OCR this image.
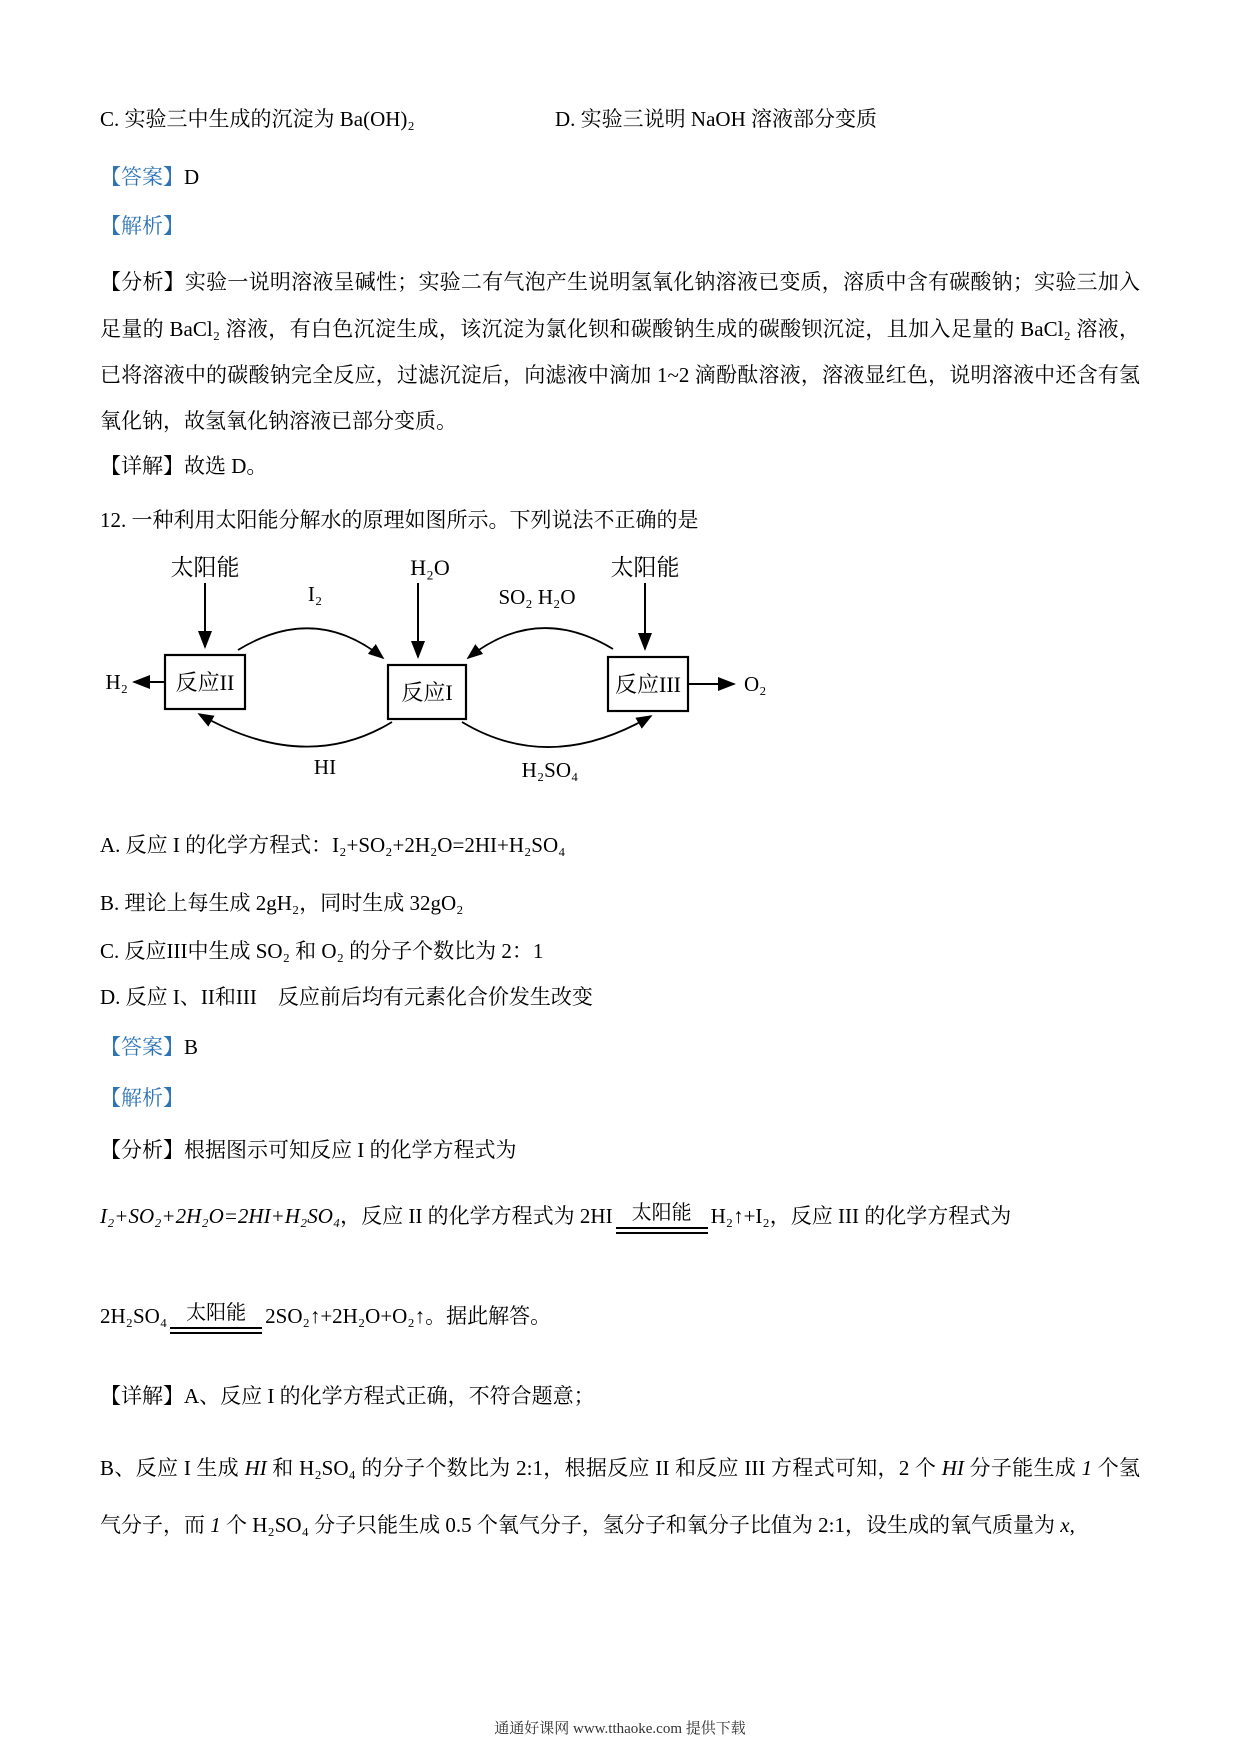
C. 实验三中生成的沉淀为 Ba(OH)₂	D. 实验三说明 NaOH 溶液部分变质

【答案】D

【解析】

【分析】实验一说明溶液呈碱性；实验二有气泡产生说明氢氧化钠溶液已变质，溶质中含有碳酸钠；实验三加入足量的 BaCl₂ 溶液，有白色沉淀生成，该沉淀为氯化钡和碳酸钠生成的碳酸钡沉淀，且加入足量的 BaCl₂ 溶液，已将溶液中的碳酸钠完全反应，过滤沉淀后，向滤液中滴加 1~2 滴酚酞溶液，溶液显红色，说明溶液中还含有氢氧化钠，故氢氧化钠溶液已部分变质。

【详解】故选 D。

12. 一种利用太阳能分解水的原理如图所示。下列说法不正确的是

太阳能	H₂O	太阳能
I₂	SO₂ H₂O
反应II	反应I	反应III
H₂	O₂
HI	H₂SO₄

A. 反应 I 的化学方程式：I₂+SO₂+2H₂O=2HI+H₂SO₄

B. 理论上每生成 2gH₂，同时生成 32gO₂

C. 反应III中生成 SO₂ 和 O₂ 的分子个数比为 2：1

D. 反应 I、II和III　反应前后均有元素化合价发生改变

【答案】B

【解析】

【分析】根据图示可知反应 I 的化学方程式为

I₂+SO₂+2H₂O=2HI+H₂SO₄，反应 II 的化学方程式为 2HI 太阳能 H₂↑+I₂，反应 III 的化学方程式为

2H₂SO₄ 太阳能 2SO₂↑+2H₂O+O₂↑。据此解答。

【详解】A、反应 I 的化学方程式正确，不符合题意；

B、反应 I 生成 HI 和 H₂SO₄ 的分子个数比为 2:1，根据反应 II 和反应 III 方程式可知，2 个 HI 分子能生成 1 个氢气分子，而 1 个 H₂SO₄ 分子只能生成 0.5 个氧气分子，氢分子和氧分子比值为 2:1，设生成的氧气质量为 x,

通通好课网 www.tthaoke.com 提供下载
